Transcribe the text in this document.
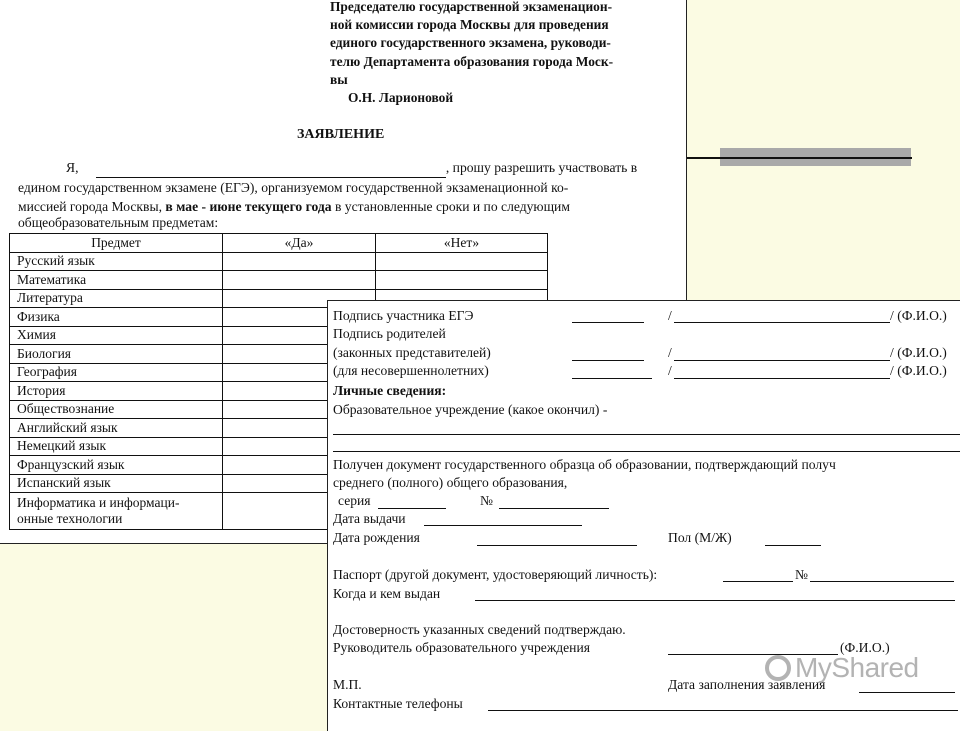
Председателю государственной экзаменацион-
ной комиссии города Москвы для проведения
единого государственного экзамена, руководи-
телю Департамента образования города Моск-
вы
О.Н. Ларионовой
ЗАЯВЛЕНИЕ
Я,	, прошу разрешить участвовать в
едином государственном экзамене (ЕГЭ), организуемом государственной экзаменационной ко-
миссией города Москвы, в мае - июне текущего года в установленные сроки и по следующим
общеобразовательным предметам:
Предмет	«Да»	«Нет»
Русский язык		
Математика		
Литература		
Физика		
Химия		
Биология		
География		
История		
Обществознание		
Английский язык		
Немецкий язык		
Французский язык		
Испанский язык		

Информатика и информаци-
онные технологии		

Подпись участника ЕГЭ	/	/ (Ф.И.О.)
Подпись родителей
(законных представителей)	/	/ (Ф.И.О.)
(для несовершеннолетних)	/	/ (Ф.И.О.)
Личные сведения:
Образовательное учреждение (какое окончил) -
Получен документ государственного образца об образовании, подтверждающий получ
среднего (полного) общего образования,
серия	№
Дата выдачи
Дата рождения	Пол (М/Ж)
Паспорт (другой документ, удостоверяющий личность):	№
Когда и кем выдан
Достоверность указанных сведений подтверждаю.
Руководитель образовательного учреждения	(Ф.И.О.)
М.П.	Дата заполнения заявления
Контактные телефоны
MyShared
